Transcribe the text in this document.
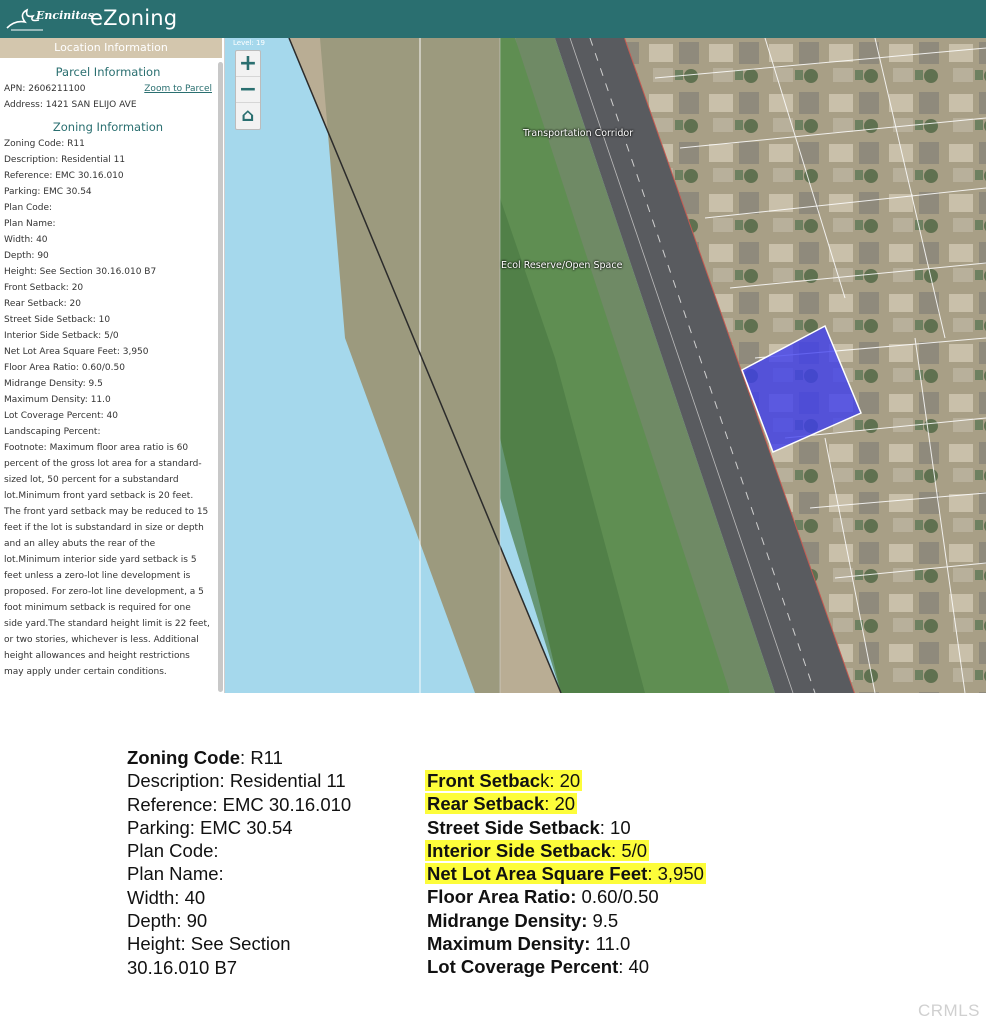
Encinitas
eZoning
Location Information
Parcel Information
APN: 2606211100	Zoom to Parcel
Address: 1421 SAN ELIJO AVE
Zoning Information
Zoning Code: R11
Description: Residential 11
Reference: EMC 30.16.010
Parking: EMC 30.54
Plan Code:
Plan Name:
Width: 40
Depth: 90
Height: See Section 30.16.010 B7
Front Setback: 20
Rear Setback: 20
Street Side Setback: 10
Interior Side Setback: 5/0
Net Lot Area Square Feet: 3,950
Floor Area Ratio: 0.60/0.50
Midrange Density: 9.5
Maximum Density: 11.0
Lot Coverage Percent: 40
Landscaping Percent:
Footnote: Maximum floor area ratio is 60 percent of the gross lot area for a standard-sized lot, 50 percent for a substandard lot.Minimum front yard setback is 20 feet. The front yard setback may be reduced to 15 feet if the lot is substandard in size or depth and an alley abuts the rear of the lot.Minimum interior side yard setback is 5 feet unless a zero-lot line development is proposed. For zero-lot line development, a 5 foot minimum setback is required for one side yard.The standard height limit is 22 feet, or two stories, whichever is less. Additional height allowances and height restrictions may apply under certain conditions.
Level: 19
+
−
⌂
Transportation Corridor
Ecol Reserve/Open Space
Zoning Code: R11
Description: Residential 11
Reference: EMC 30.16.010
Parking: EMC 30.54
Plan Code:
Plan Name:
Width: 40
Depth: 90
Height: See Section
30.16.010 B7
Front Setback: 20
Rear Setback: 20
Street Side Setback: 10
Interior Side Setback: 5/0
Net Lot Area Square Feet: 3,950
Floor Area Ratio: 0.60/0.50
Midrange Density: 9.5
Maximum Density: 11.0
Lot Coverage Percent: 40
CRMLS
